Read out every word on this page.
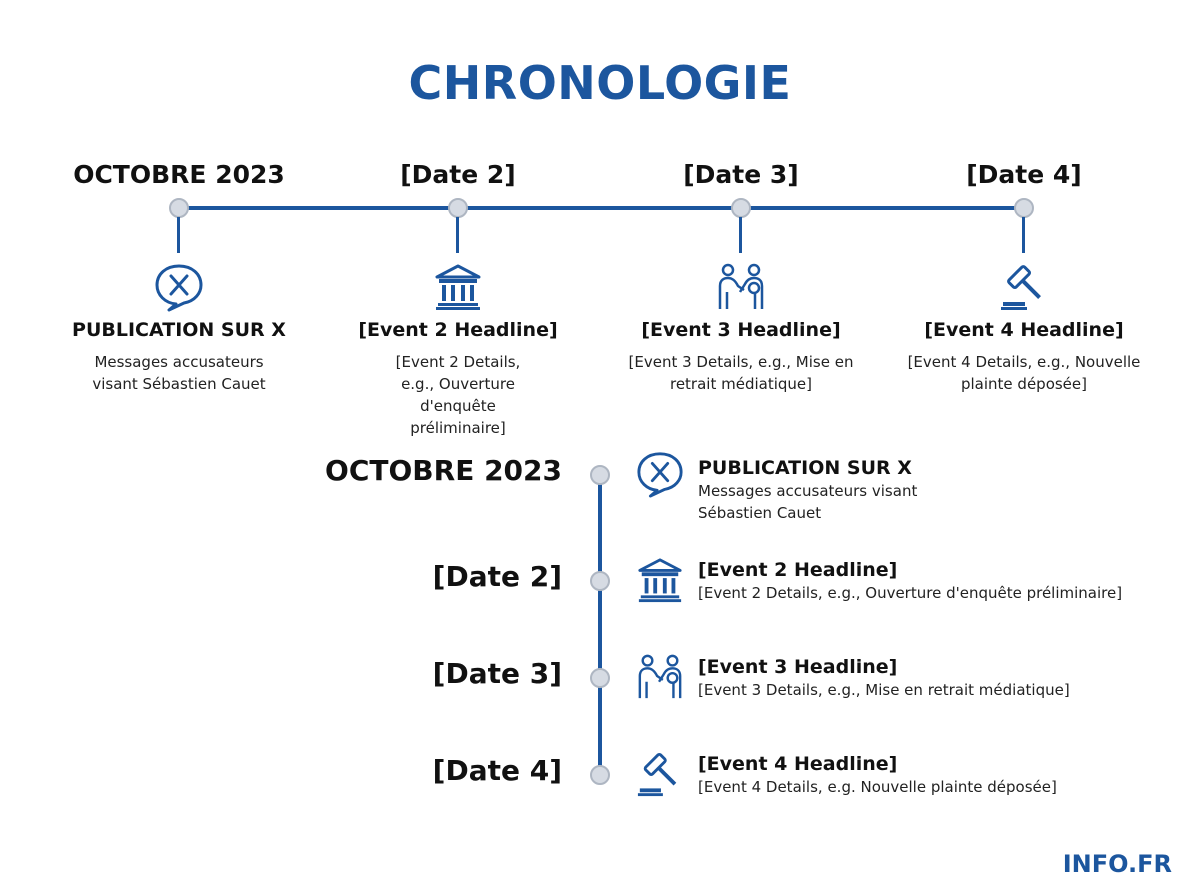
CHRONOLOGIE
OCTOBRE 2023
PUBLICATION SUR X
Messages accusateurs visant Sébastien Cauet
[Date 2]
[Event 2 Headline]
[Event 2 Details, e.g., Ouverture d'enquête préliminaire]
[Date 3]
[Event 3 Headline]
[Event 3 Details, e.g., Mise en retrait médiatique]
[Date 4]
[Event 4 Headline]
[Event 4 Details, e.g., Nouvelle plainte déposée]
OCTOBRE 2023	PUBLICATION SUR X
Messages accusateurs visant Sébastien Cauet
[Date 2]	[Event 2 Headline]
[Event 2 Details, e.g., Ouverture d'enquête préliminaire]
[Date 3]	[Event 3 Headline]
[Event 3 Details, e.g., Mise en retrait médiatique]
[Date 4]	[Event 4 Headline]
[Event 4 Details, e.g. Nouvelle plainte déposée]
INFO.FR
